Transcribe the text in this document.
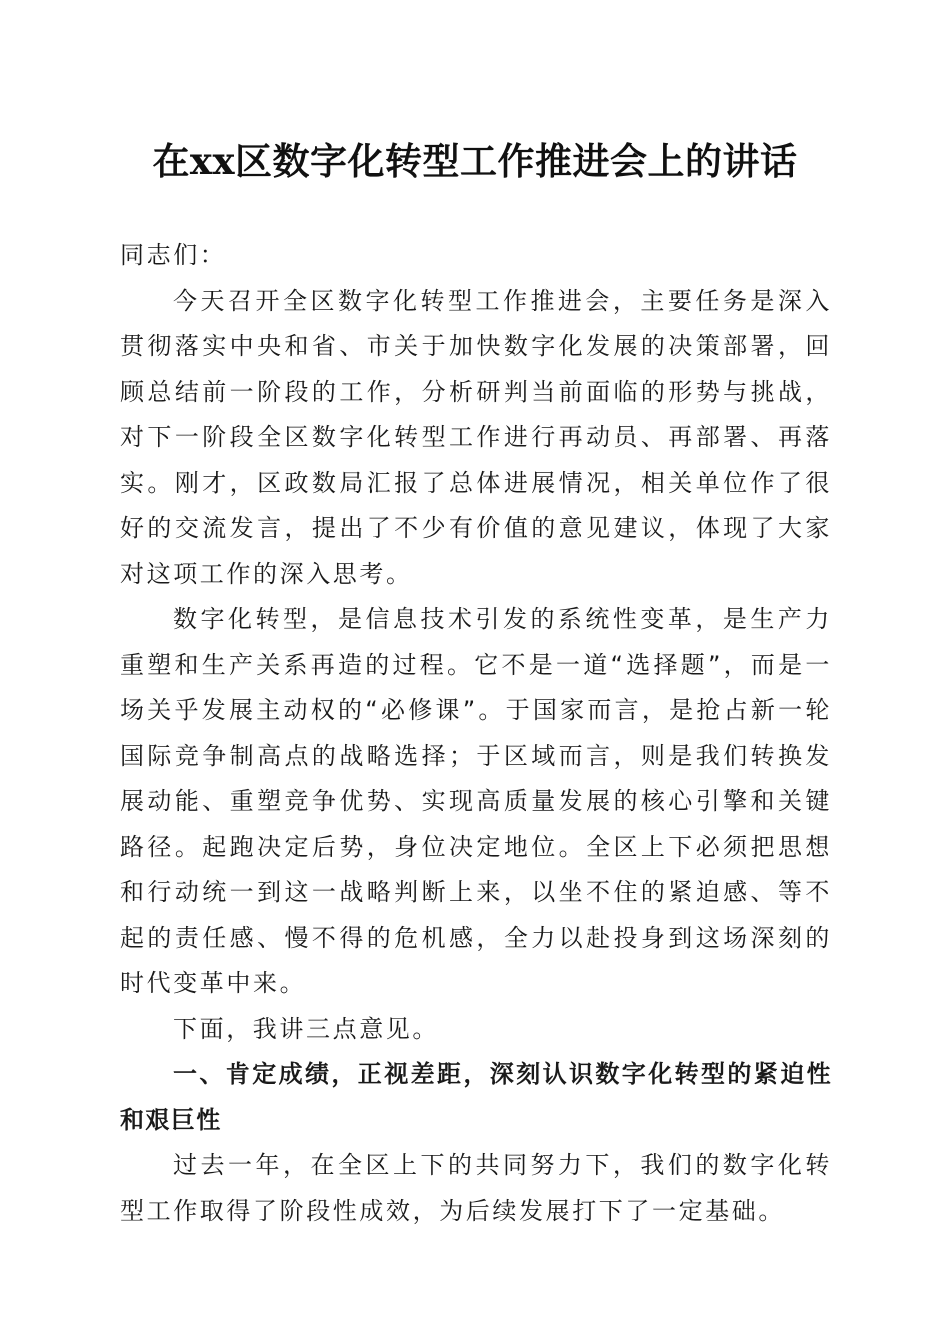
在xx区数字化转型工作推进会上的讲话

同志们：

今天召开全区数字化转型工作推进会，主要任务是深入贯彻落实中央和省、市关于加快数字化发展的决策部署，回顾总结前一阶段的工作，分析研判当前面临的形势与挑战，对下一阶段全区数字化转型工作进行再动员、再部署、再落实。刚才，区政数局汇报了总体进展情况，相关单位作了很好的交流发言，提出了不少有价值的意见建议，体现了大家对这项工作的深入思考。

数字化转型，是信息技术引发的系统性变革，是生产力重塑和生产关系再造的过程。它不是一道“选择题”，而是一场关乎发展主动权的“必修课”。于国家而言，是抢占新一轮国际竞争制高点的战略选择；于区域而言，则是我们转换发展动能、重塑竞争优势、实现高质量发展的核心引擎和关键路径。起跑决定后势，身位决定地位。全区上下必须把思想和行动统一到这一战略判断上来，以坐不住的紧迫感、等不起的责任感、慢不得的危机感，全力以赴投身到这场深刻的时代变革中来。

下面，我讲三点意见。

一、肯定成绩，正视差距，深刻认识数字化转型的紧迫性和艰巨性

过去一年，在全区上下的共同努力下，我们的数字化转型工作取得了阶段性成效，为后续发展打下了一定基础。
